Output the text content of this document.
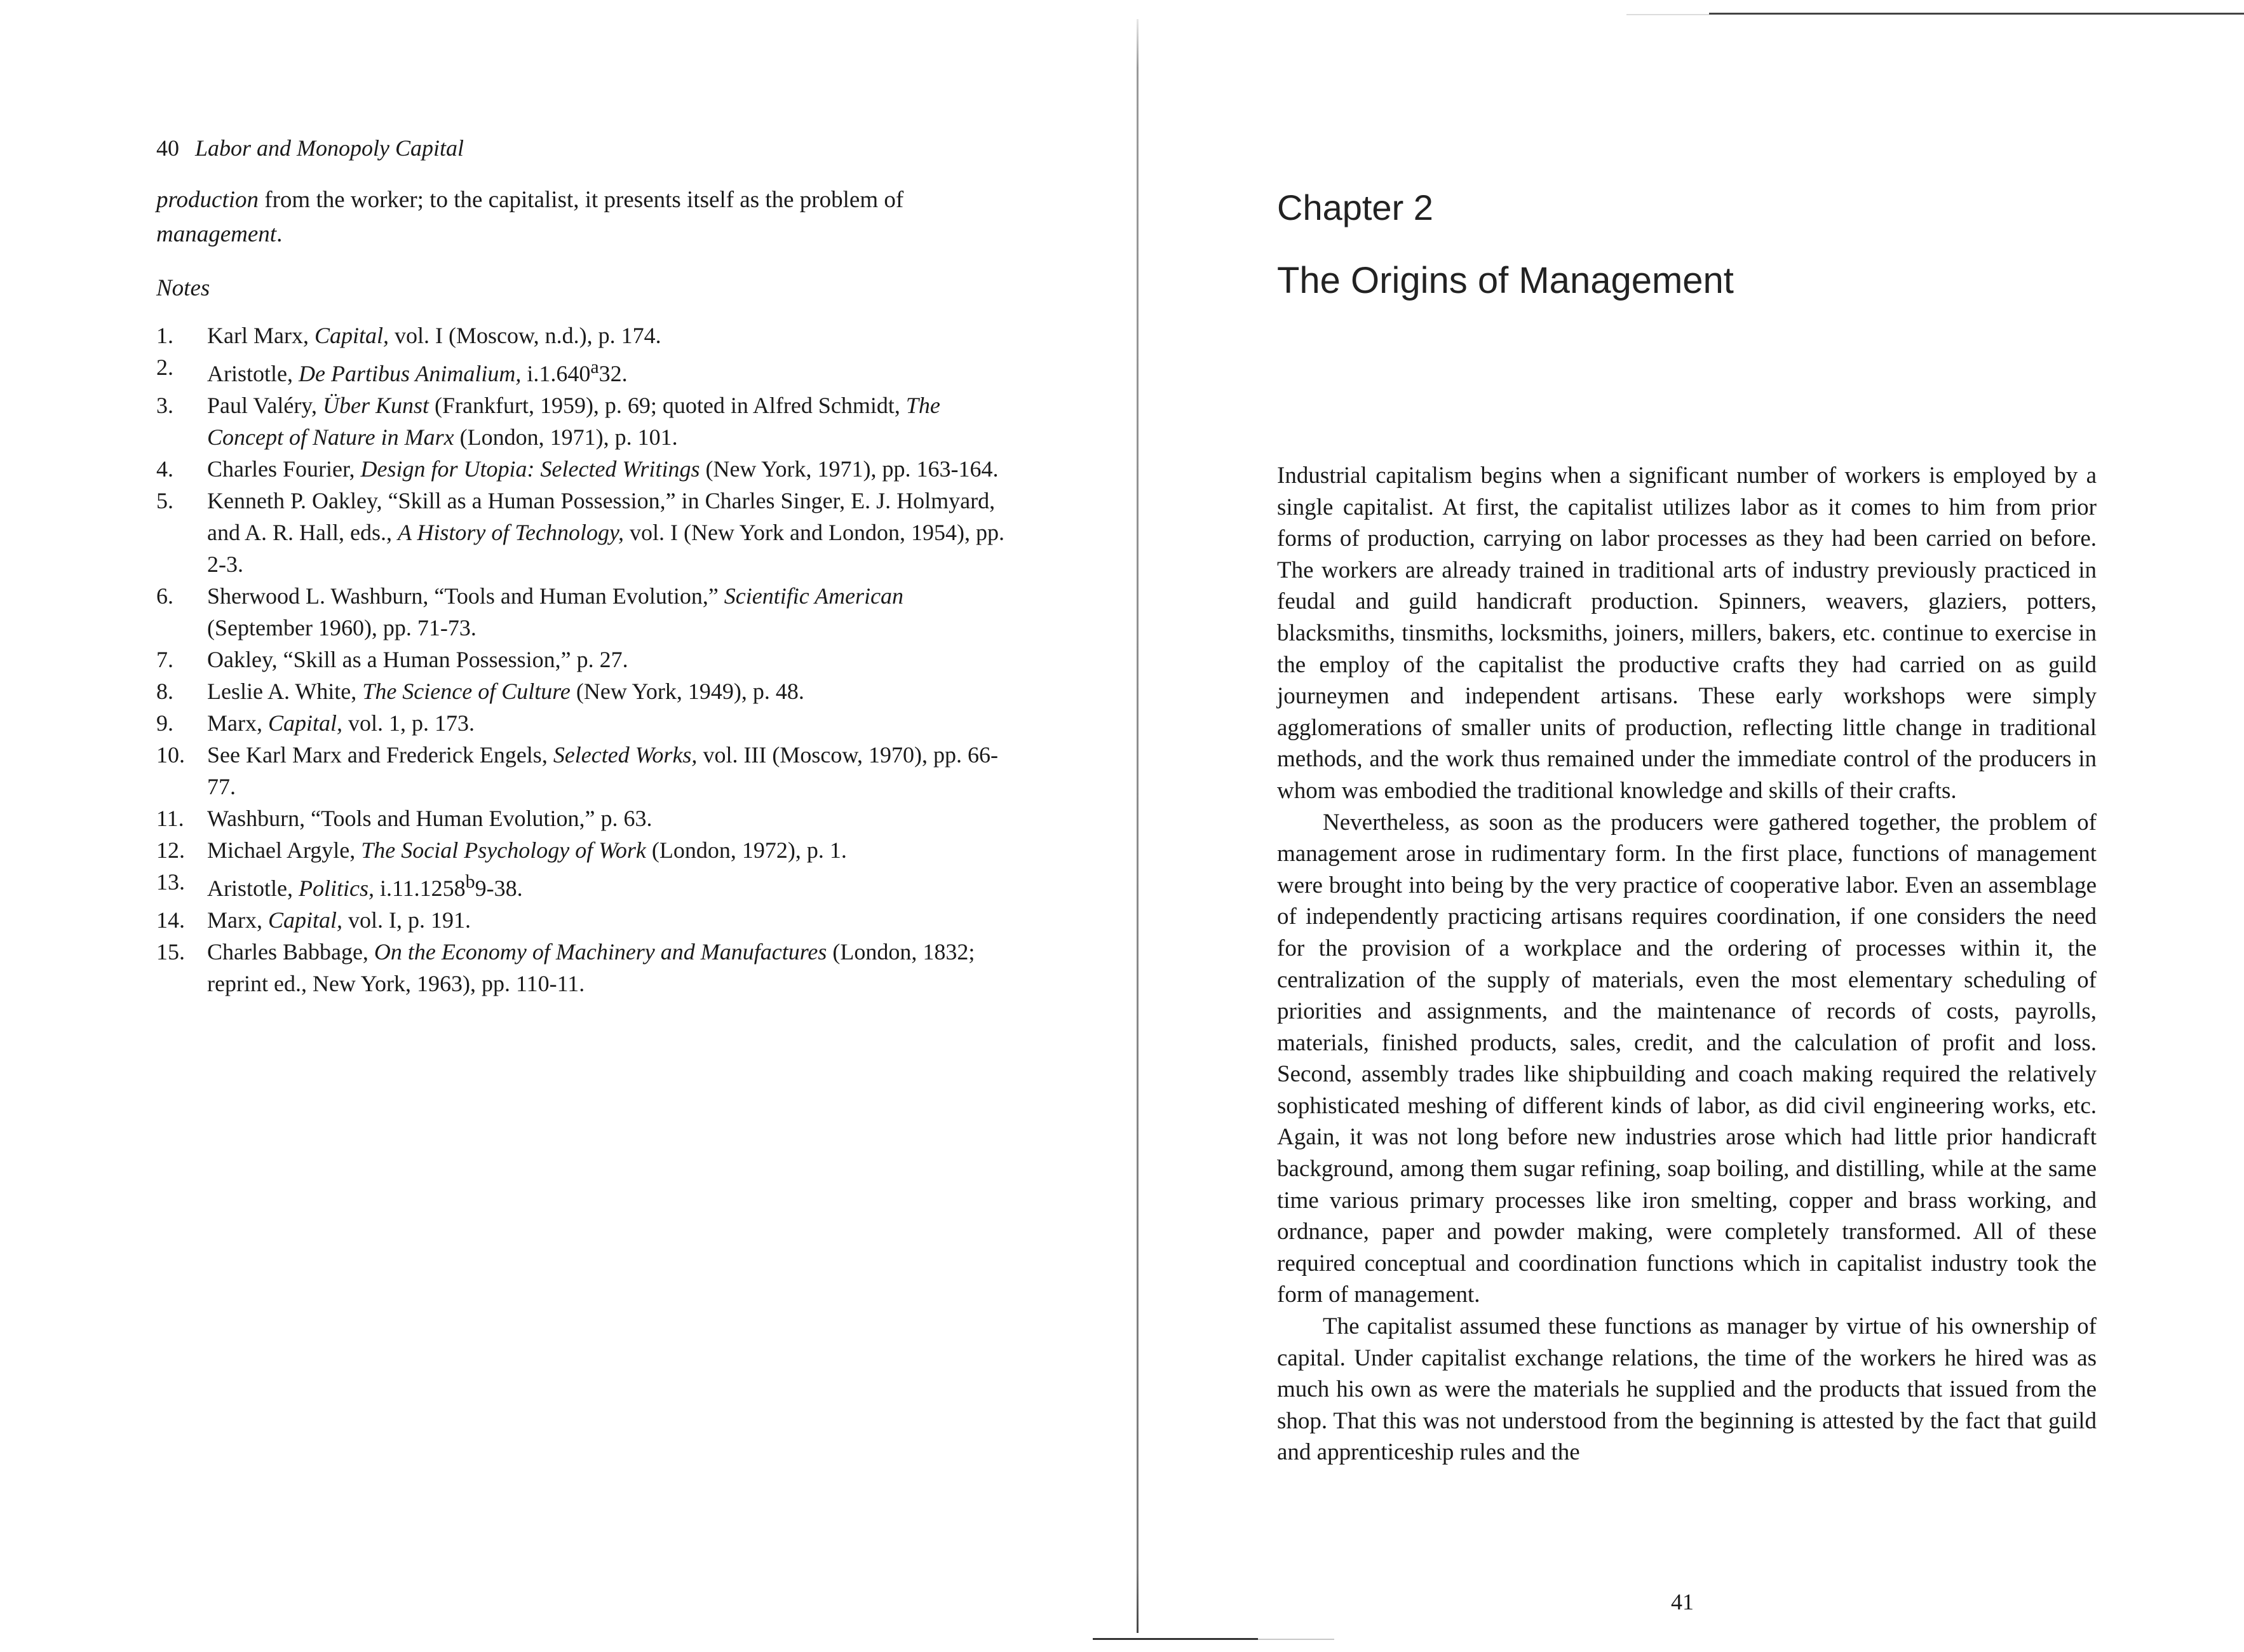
40 Labor and Monopoly Capital
production from the worker; to the capitalist, it presents itself as the problem of management.
Notes
1. Karl Marx, Capital, vol. I (Moscow, n.d.), p. 174.
2. Aristotle, De Partibus Animalium, i.1.640$^a$32.
3. Paul Valéry, Über Kunst (Frankfurt, 1959), p. 69; quoted in Alfred Schmidt, The Concept of Nature in Marx (London, 1971), p. 101.
4. Charles Fourier, Design for Utopia: Selected Writings (New York, 1971), pp. 163-164.
5. Kenneth P. Oakley, “Skill as a Human Possession,” in Charles Singer, E. J. Holmyard, and A. R. Hall, eds., A History of Technology, vol. I (New York and London, 1954), pp. 2-3.
6. Sherwood L. Washburn, “Tools and Human Evolution,” Scientific American (September 1960), pp. 71-73.
7. Oakley, “Skill as a Human Possession,” p. 27.
8. Leslie A. White, The Science of Culture (New York, 1949), p. 48.
9. Marx, Capital, vol. 1, p. 173.
10. See Karl Marx and Frederick Engels, Selected Works, vol. III (Moscow, 1970), pp. 66-77.
11. Washburn, “Tools and Human Evolution,” p. 63.
12. Michael Argyle, The Social Psychology of Work (London, 1972), p. 1.
13. Aristotle, Politics, i.11.1258$^b$9-38.
14. Marx, Capital, vol. I, p. 191.
15. Charles Babbage, On the Economy of Machinery and Manufactures (London, 1832; reprint ed., New York, 1963), pp. 110-11.
Chapter 2
The Origins of Management

Industrial capitalism begins when a significant number of workers is employed by a single capitalist. At first, the capitalist utilizes labor as it comes to him from prior forms of production, carrying on labor processes as they had been carried on before. The workers are already trained in traditional arts of industry previously practiced in feudal and guild handicraft production. Spinners, weavers, glaziers, potters, blacksmiths, tinsmiths, locksmiths, joiners, millers, bakers, etc. continue to exercise in the employ of the capitalist the productive crafts they had carried on as guild journeymen and independent artisans. These early workshops were simply agglomerations of smaller units of production, reflecting little change in traditional methods, and the work thus remained under the immediate control of the producers in whom was embodied the traditional knowledge and skills of their crafts.

Nevertheless, as soon as the producers were gathered together, the problem of management arose in rudimentary form. In the first place, functions of management were brought into being by the very practice of cooperative labor. Even an assemblage of independently practicing artisans requires coordination, if one considers the need for the provision of a workplace and the ordering of processes within it, the centralization of the supply of materials, even the most elementary scheduling of priorities and assignments, and the maintenance of records of costs, payrolls, materials, finished products, sales, credit, and the calculation of profit and loss. Second, assembly trades like shipbuilding and coach making required the relatively sophisticated meshing of different kinds of labor, as did civil engineering works, etc. Again, it was not long before new industries arose which had little prior handicraft background, among them sugar refining, soap boiling, and distilling, while at the same time various primary processes like iron smelting, copper and brass working, and ordnance, paper and powder making, were completely transformed. All of these required conceptual and coordination functions which in capitalist industry took the form of management.

The capitalist assumed these functions as manager by virtue of his ownership of capital. Under capitalist exchange relations, the time of the workers he hired was as much his own as were the materials he supplied and the products that issued from the shop. That this was not understood from the beginning is attested by the fact that guild and apprenticeship rules and the

41
